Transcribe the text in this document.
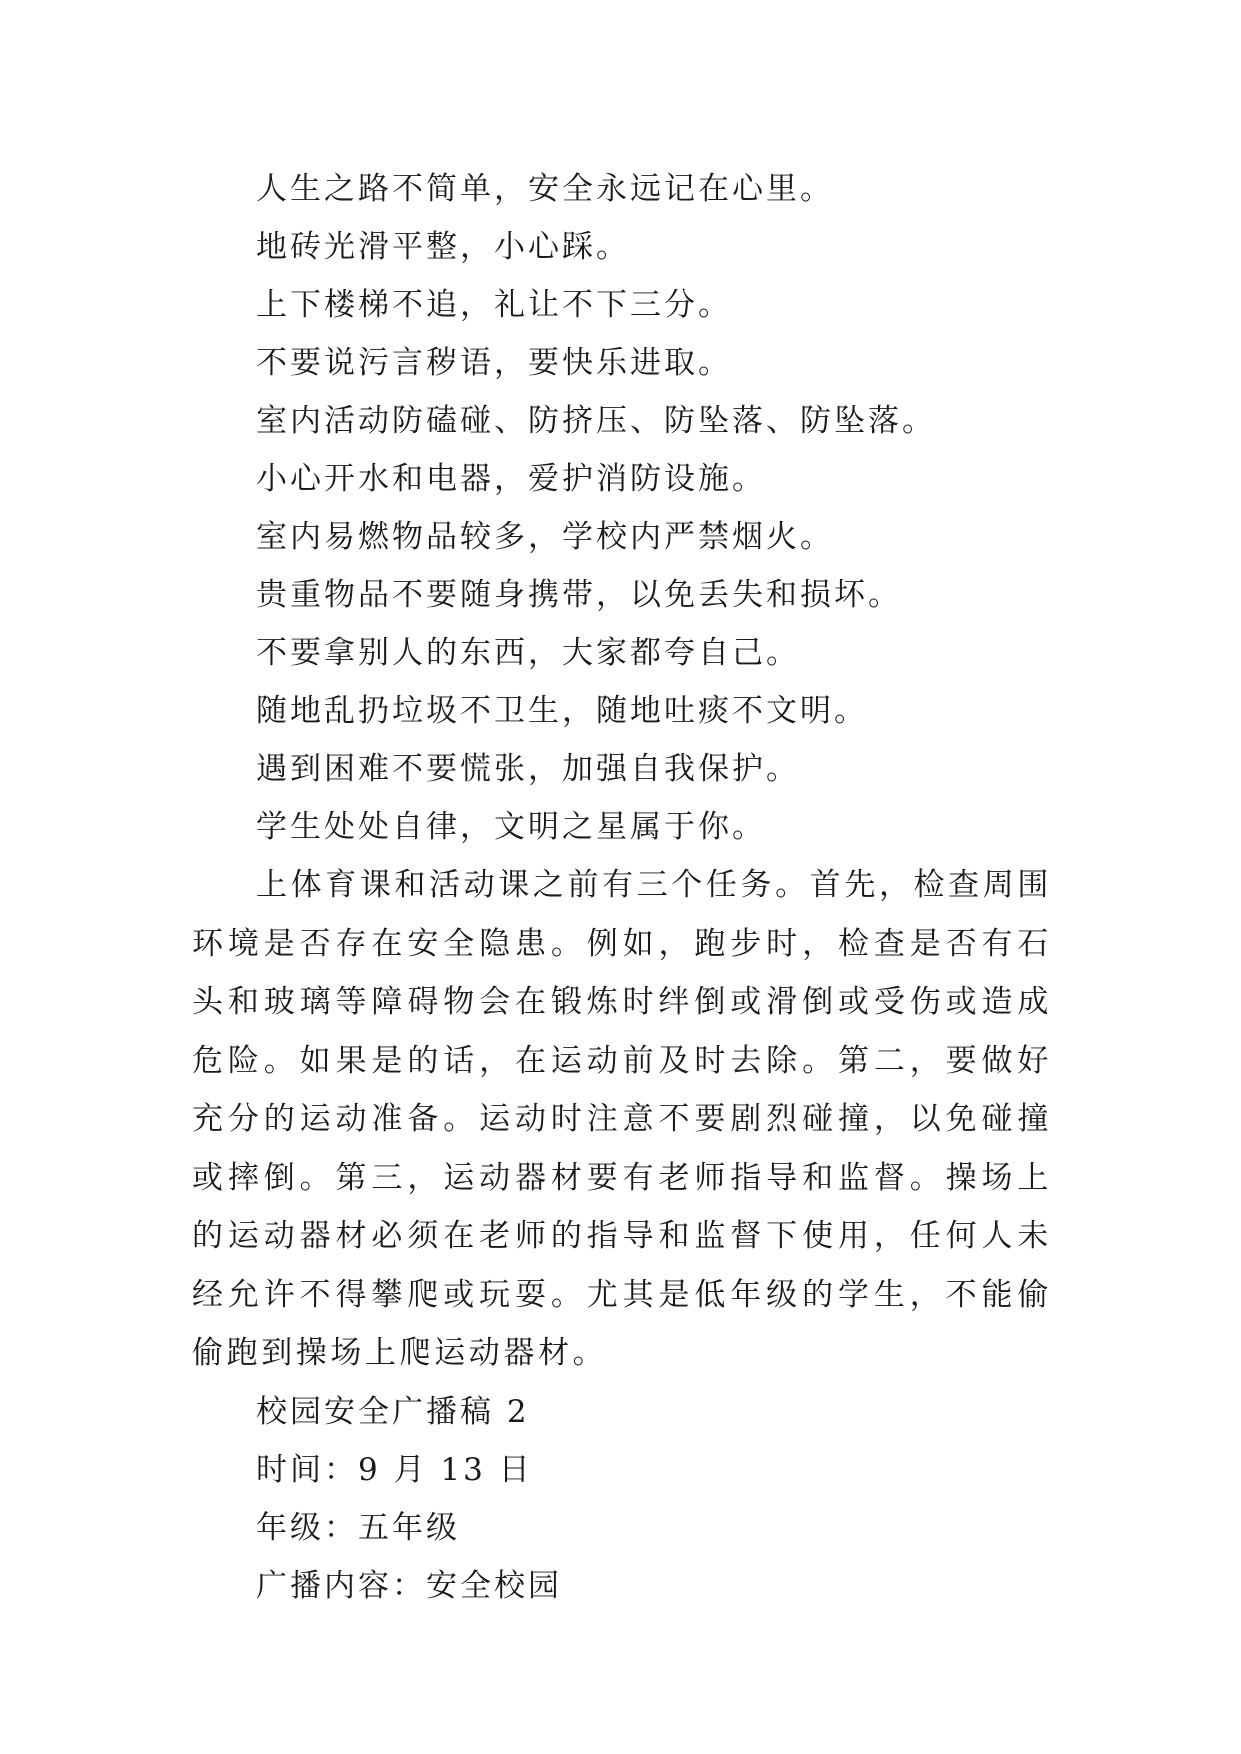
人生之路不简单，安全永远记在心里。

地砖光滑平整，小心踩。

上下楼梯不追，礼让不下三分。

不要说污言秽语，要快乐进取。

室内活动防磕碰、防挤压、防坠落、防坠落。

小心开水和电器，爱护消防设施。

室内易燃物品较多，学校内严禁烟火。

贵重物品不要随身携带，以免丢失和损坏。

不要拿别人的东西，大家都夸自己。

随地乱扔垃圾不卫生，随地吐痰不文明。

遇到困难不要慌张，加强自我保护。

学生处处自律，文明之星属于你。

上体育课和活动课之前有三个任务。首先，检查周围环境是否存在安全隐患。例如，跑步时，检查是否有石头和玻璃等障碍物会在锻炼时绊倒或滑倒或受伤或造成危险。如果是的话，在运动前及时去除。第二，要做好充分的运动准备。运动时注意不要剧烈碰撞，以免碰撞或摔倒。第三，运动器材要有老师指导和监督。操场上的运动器材必须在老师的指导和监督下使用，任何人未经允许不得攀爬或玩耍。尤其是低年级的学生，不能偷偷跑到操场上爬运动器材。

校园安全广播稿 2

时间：9 月 13 日

年级：五年级

广播内容：安全校园
